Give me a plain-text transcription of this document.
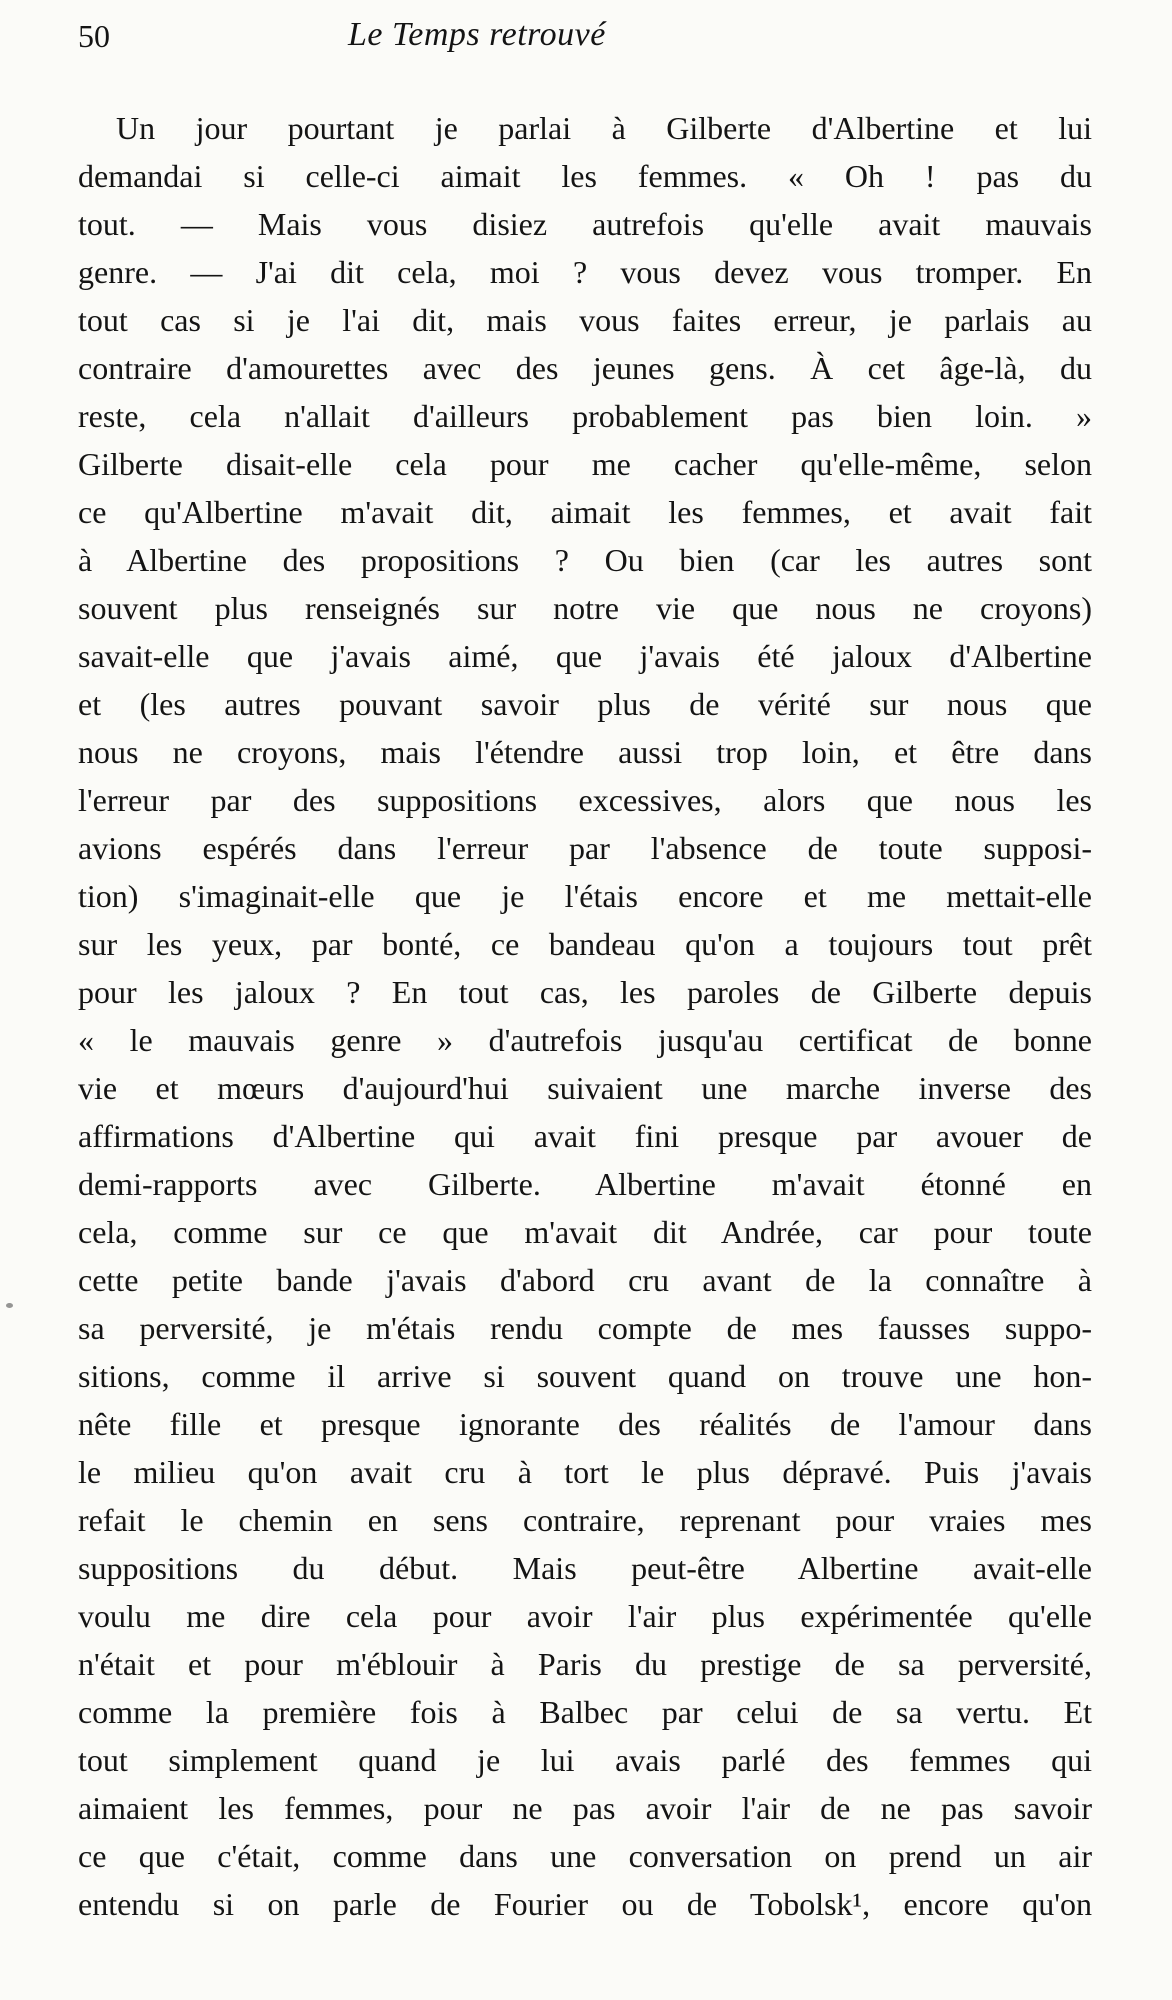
50	Le Temps retrouvé
Un jour pourtant je parlai à Gilberte d'Albertine et lui
demandai si celle-ci aimait les femmes. « Oh ! pas du
tout. — Mais vous disiez autrefois qu'elle avait mauvais
genre. — J'ai dit cela, moi ? vous devez vous tromper. En
tout cas si je l'ai dit, mais vous faites erreur, je parlais au
contraire d'amourettes avec des jeunes gens. À cet âge-là, du
reste, cela n'allait d'ailleurs probablement pas bien loin. »
Gilberte disait-elle cela pour me cacher qu'elle-même, selon
ce qu'Albertine m'avait dit, aimait les femmes, et avait fait
à Albertine des propositions ? Ou bien (car les autres sont
souvent plus renseignés sur notre vie que nous ne croyons)
savait-elle que j'avais aimé, que j'avais été jaloux d'Albertine
et (les autres pouvant savoir plus de vérité sur nous que
nous ne croyons, mais l'étendre aussi trop loin, et être dans
l'erreur par des suppositions excessives, alors que nous les
avions espérés dans l'erreur par l'absence de toute supposi-
tion) s'imaginait-elle que je l'étais encore et me mettait-elle
sur les yeux, par bonté, ce bandeau qu'on a toujours tout prêt
pour les jaloux ? En tout cas, les paroles de Gilberte depuis
« le mauvais genre » d'autrefois jusqu'au certificat de bonne
vie et mœurs d'aujourd'hui suivaient une marche inverse des
affirmations d'Albertine qui avait fini presque par avouer de
demi-rapports avec Gilberte. Albertine m'avait étonné en
cela, comme sur ce que m'avait dit Andrée, car pour toute
cette petite bande j'avais d'abord cru avant de la connaître à
sa perversité, je m'étais rendu compte de mes fausses suppo-
sitions, comme il arrive si souvent quand on trouve une hon-
nête fille et presque ignorante des réalités de l'amour dans
le milieu qu'on avait cru à tort le plus dépravé. Puis j'avais
refait le chemin en sens contraire, reprenant pour vraies mes
suppositions du début. Mais peut-être Albertine avait-elle
voulu me dire cela pour avoir l'air plus expérimentée qu'elle
n'était et pour m'éblouir à Paris du prestige de sa perversité,
comme la première fois à Balbec par celui de sa vertu. Et
tout simplement quand je lui avais parlé des femmes qui
aimaient les femmes, pour ne pas avoir l'air de ne pas savoir
ce que c'était, comme dans une conversation on prend un air
entendu si on parle de Fourier ou de Tobolsk¹, encore qu'on
